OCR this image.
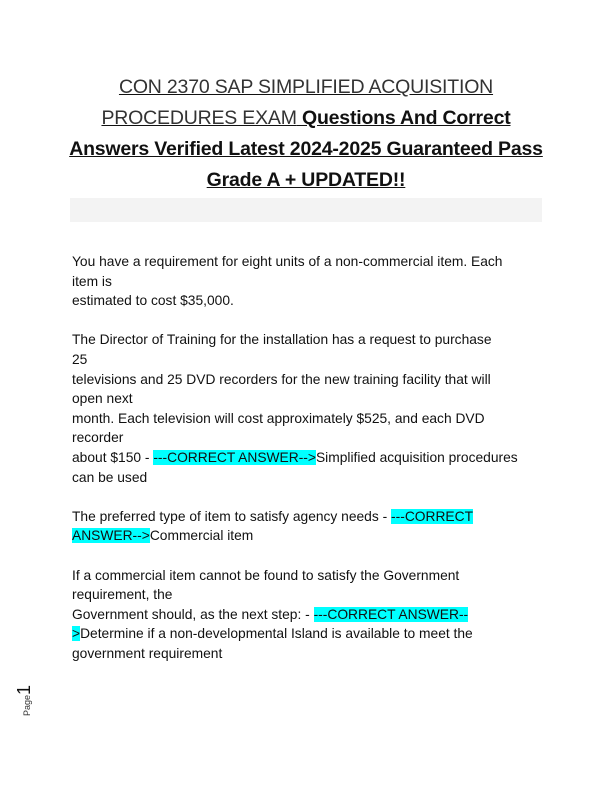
CON 2370 SAP SIMPLIFIED ACQUISITION PROCEDURES EXAM Questions And Correct Answers Verified Latest 2024-2025 Guaranteed Pass Grade A + UPDATED!!

You have a requirement for eight units of a non-commercial item. Each
item is
estimated to cost $35,000.

The Director of Training for the installation has a request to purchase
25
televisions and 25 DVD recorders for the new training facility that will
open next
month. Each television will cost approximately $525, and each DVD
recorder
about $150 - ---CORRECT ANSWER-->Simplified acquisition procedures
can be used

The preferred type of item to satisfy agency needs - ---CORRECT
ANSWER-->Commercial item

If a commercial item cannot be found to satisfy the Government
requirement, the
Government should, as the next step: - ---CORRECT ANSWER--
>Determine if a non-developmental Island is available to meet the
government requirement

Page1
